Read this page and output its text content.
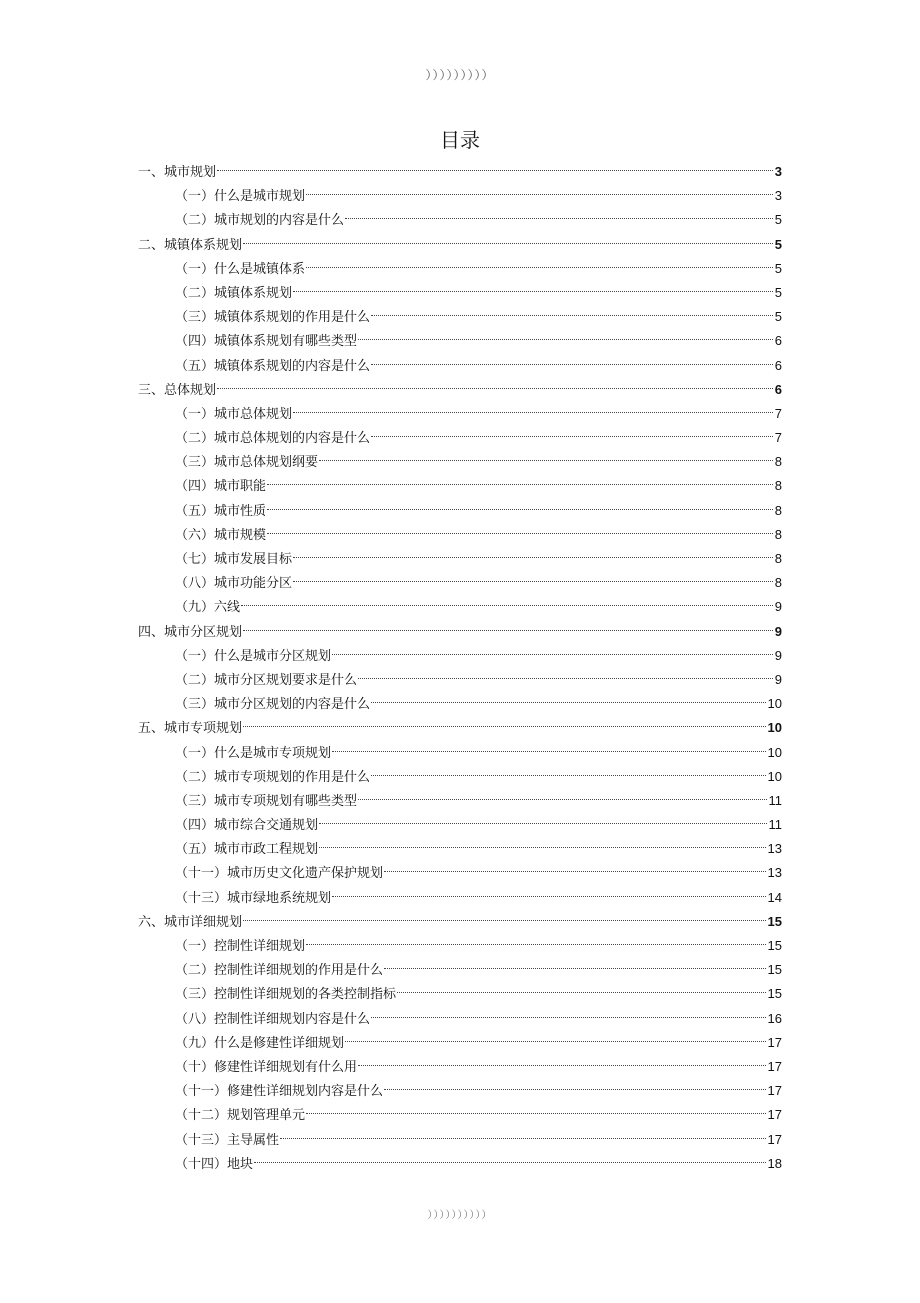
）））））））））
目录
一、城市规划	3
（一）什么是城市规划	3
（二）城市规划的内容是什么	5
二、城镇体系规划	5
（一）什么是城镇体系	5
（二）城镇体系规划	5
（三）城镇体系规划的作用是什么	5
（四）城镇体系规划有哪些类型	6
（五）城镇体系规划的内容是什么	6
三、总体规划	6
（一）城市总体规划	7
（二）城市总体规划的内容是什么	7
（三）城市总体规划纲要	8
（四）城市职能	8
（五）城市性质	8
（六）城市规模	8
（七）城市发展目标	8
（八）城市功能分区	8
（九）六线	9
四、城市分区规划	9
（一）什么是城市分区规划	9
（二）城市分区规划要求是什么	9
（三）城市分区规划的内容是什么	10
五、城市专项规划	10
（一）什么是城市专项规划	10
（二）城市专项规划的作用是什么	10
（三）城市专项规划有哪些类型	11
（四）城市综合交通规划	11
（五）城市市政工程规划	13
（十一）城市历史文化遗产保护规划	13
（十三）城市绿地系统规划	14
六、城市详细规划	15
（一）控制性详细规划	15
（二）控制性详细规划的作用是什么	15
（三）控制性详细规划的各类控制指标	15
（八）控制性详细规划内容是什么	16
（九）什么是修建性详细规划	17
（十）修建性详细规划有什么用	17
（十一）修建性详细规划内容是什么	17
（十二）规划管理单元	17
（十三）主导属性	17
（十四）地块	18
））））））））））
